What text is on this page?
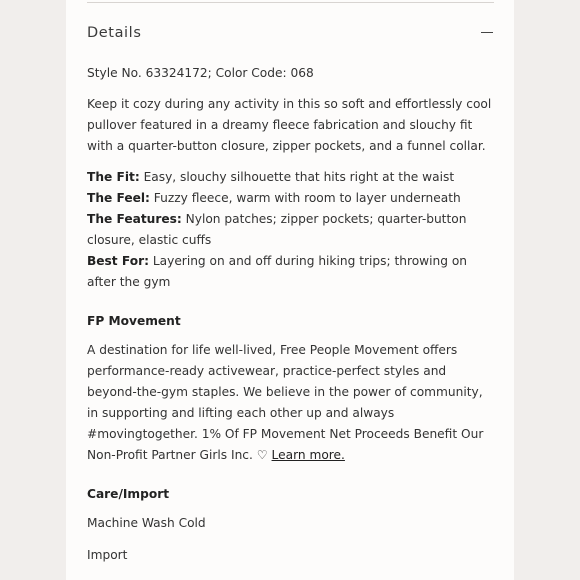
Details
Style No. 63324172; Color Code: 068
Keep it cozy during any activity in this so soft and effortlessly cool pullover featured in a dreamy fleece fabrication and slouchy fit with a quarter-button closure, zipper pockets, and a funnel collar.

The Fit: Easy, slouchy silhouette that hits right at the waist

The Feel: Fuzzy fleece, warm with room to layer underneath

The Features: Nylon patches; zipper pockets; quarter-button closure, elastic cuffs

Best For: Layering on and off during hiking trips; throwing on after the gym

FP Movement
A destination for life well-lived, Free People Movement offers performance-ready activewear, practice-perfect styles and beyond-the-gym staples. We believe in the power of community, in supporting and lifting each other up and always #movingtogether. 1% Of FP Movement Net Proceeds Benefit Our Non-Profit Partner Girls Inc. ♡ Learn more.
Care/Import
Machine Wash Cold
Import
